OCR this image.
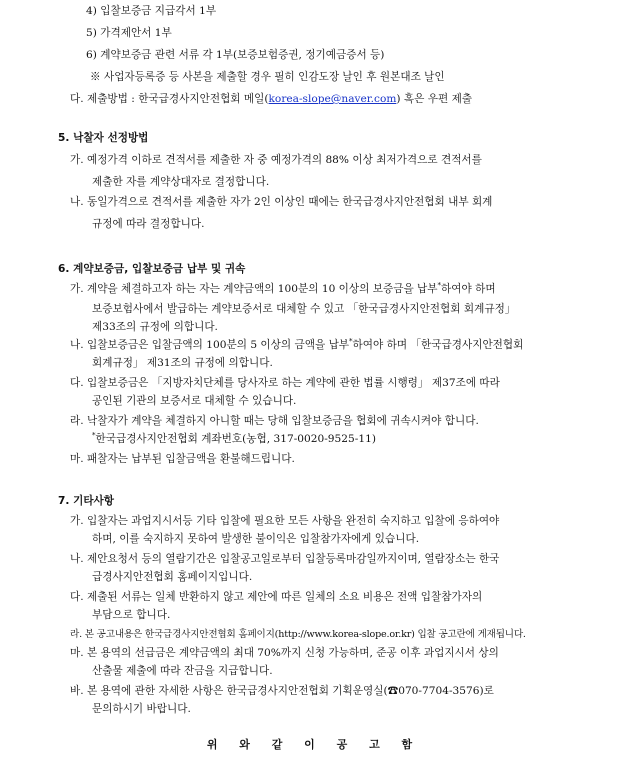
4) 입찰보증금 지급각서 1부
5) 가격제안서 1부
6) 계약보증금 관련 서류 각 1부(보증보험증권, 정기예금증서 등)
※ 사업자등록증 등 사본을 제출할 경우 필히 인감도장 날인 후 원본대조 날인
다. 제출방법 : 한국급경사지안전협회 메일(korea-slope@naver.com) 혹은 우편 제출
5. 낙찰자 선정방법
가. 예정가격 이하로 견적서를 제출한 자 중 예정가격의 88% 이상 최저가격으로 견적서를
제출한 자를 계약상대자로 결정합니다.
나. 동일가격으로 견적서를 제출한 자가 2인 이상인 때에는 한국급경사지안전협회 내부 회계
규정에 따라 결정합니다.
6. 계약보증금, 입찰보증금 납부 및 귀속
가. 계약을 체결하고자 하는 자는 계약금액의 100분의 10 이상의 보증금을 납부*하여야 하며
보증보험사에서 발급하는 계약보증서로 대체할 수 있고 「한국급경사지안전협회 회계규정」
제33조의 규정에 의합니다.
나. 입찰보증금은 입찰금액의 100분의 5 이상의 금액을 납부*하여야 하며 「한국급경사지안전협회
회계규정」 제31조의 규정에 의합니다.
다. 입찰보증금은 「지방자치단체를 당사자로 하는 계약에 관한 법률 시행령」 제37조에 따라
공인된 기관의 보증서로 대체할 수 있습니다.
라. 낙찰자가 계약을 체결하지 아니할 때는 당해 입찰보증금을 협회에 귀속시켜야 합니다.
*한국급경사지안전협회 계좌번호(농협, 317-0020-9525-11)
마. 패찰자는 납부된 입찰금액을 환불해드립니다.
7. 기타사항
가. 입찰자는 과업지시서등 기타 입찰에 필요한 모든 사항을 완전히 숙지하고 입찰에 응하여야
하며, 이를 숙지하지 못하여 발생한 불이익은 입찰참가자에게 있습니다.
나. 제안요청서 등의 열람기간은 입찰공고일로부터 입찰등록마감일까지이며, 열람장소는 한국
급경사지안전협회 홈페이지입니다.
다. 제출된 서류는 일체 반환하지 않고 제안에 따른 일체의 소요 비용은 전액 입찰참가자의
부담으로 합니다.
라. 본 공고내용은 한국급경사지안전협회 홈페이지(http://www.korea-slope.or.kr) 입찰 공고란에 게재됩니다.
마. 본 용역의 선급금은 계약금액의 최대 70%까지 신청 가능하며, 준공 이후 과업지시서 상의
산출물 제출에 따라 잔금을 지급합니다.
바. 본 용역에 관한 자세한 사항은 한국급경사지안전협회 기획운영실(☎070-7704-3576)로
문의하시기 바랍니다.
위 와 같 이 공 고 함
